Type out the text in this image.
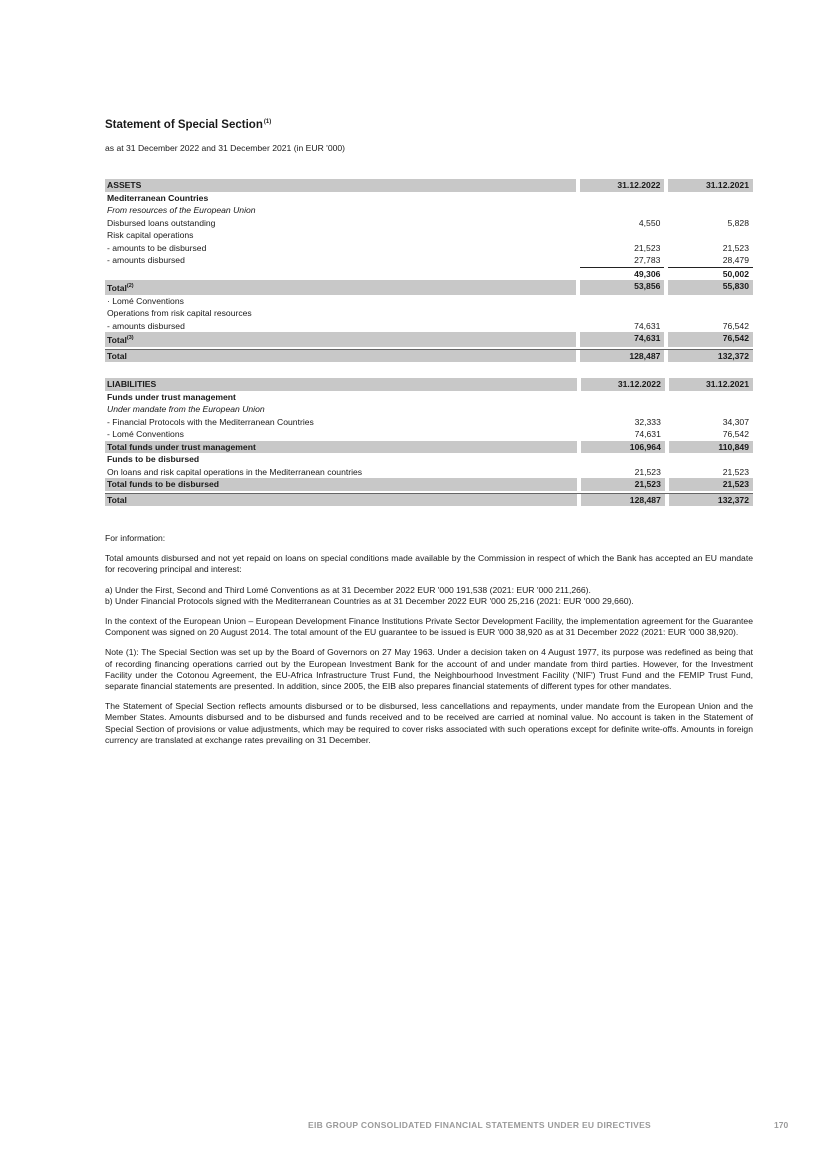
Statement of Special Section$^{(1)}$
as at 31 December 2022 and 31 December 2021 (in EUR '000)
ASSETS		31.12.2022		31.12.2021
Mediterranean Countries				
From resources of the European Union				
Disbursed loans outstanding		4,550		5,828
Risk capital operations				
- amounts to be disbursed		21,523		21,523
- amounts disbursed		27,783		28,479
		49,306		50,002
Total$^{(2)}$		53,856		55,830
· Lomé Conventions				
Operations from risk capital resources				
- amounts disbursed		74,631		76,542
Total$^{(3)}$		74,631		76,542

Total		128,487		132,372
LIABILITIES		31.12.2022		31.12.2021
Funds under trust management				
Under mandate from the European Union				
- Financial Protocols with the Mediterranean Countries		32,333		34,307
- Lomé Conventions		74,631		76,542
Total funds under trust management		106,964		110,849
Funds to be disbursed				
On loans and risk capital operations in the Mediterranean countries		21,523		21,523
Total funds to be disbursed		21,523		21,523

Total		128,487		132,372

For information:

Total amounts disbursed and not yet repaid on loans on special conditions made available by the Commission in respect of which the Bank has accepted an EU mandate for recovering principal and interest:

a) Under the First, Second and Third Lomé Conventions as at 31 December 2022 EUR '000 191,538 (2021: EUR '000 211,266).
b) Under Financial Protocols signed with the Mediterranean Countries as at 31 December 2022 EUR '000 25,216 (2021: EUR '000 29,660).

In the context of the European Union – European Development Finance Institutions Private Sector Development Facility, the implementation agreement for the Guarantee Component was signed on 20 August 2014. The total amount of the EU guarantee to be issued is EUR '000 38,920 as at 31 December 2022 (2021: EUR '000 38,920).

Note (1): The Special Section was set up by the Board of Governors on 27 May 1963. Under a decision taken on 4 August 1977, its purpose was redefined as being that of recording financing operations carried out by the European Investment Bank for the account of and under mandate from third parties. However, for the Investment Facility under the Cotonou Agreement, the EU-Africa Infrastructure Trust Fund, the Neighbourhood Investment Facility ('NIF') Trust Fund and the FEMIP Trust Fund, separate financial statements are presented. In addition, since 2005, the EIB also prepares financial statements of different types for other mandates.

The Statement of Special Section reflects amounts disbursed or to be disbursed, less cancellations and repayments, under mandate from the European Union and the Member States. Amounts disbursed and to be disbursed and funds received and to be received are carried at nominal value. No account is taken in the Statement of Special Section of provisions or value adjustments, which may be required to cover risks associated with such operations except for definite write-offs. Amounts in foreign currency are translated at exchange rates prevailing on 31 December.

EIB GROUP CONSOLIDATED FINANCIAL STATEMENTS UNDER EU DIRECTIVES	170
